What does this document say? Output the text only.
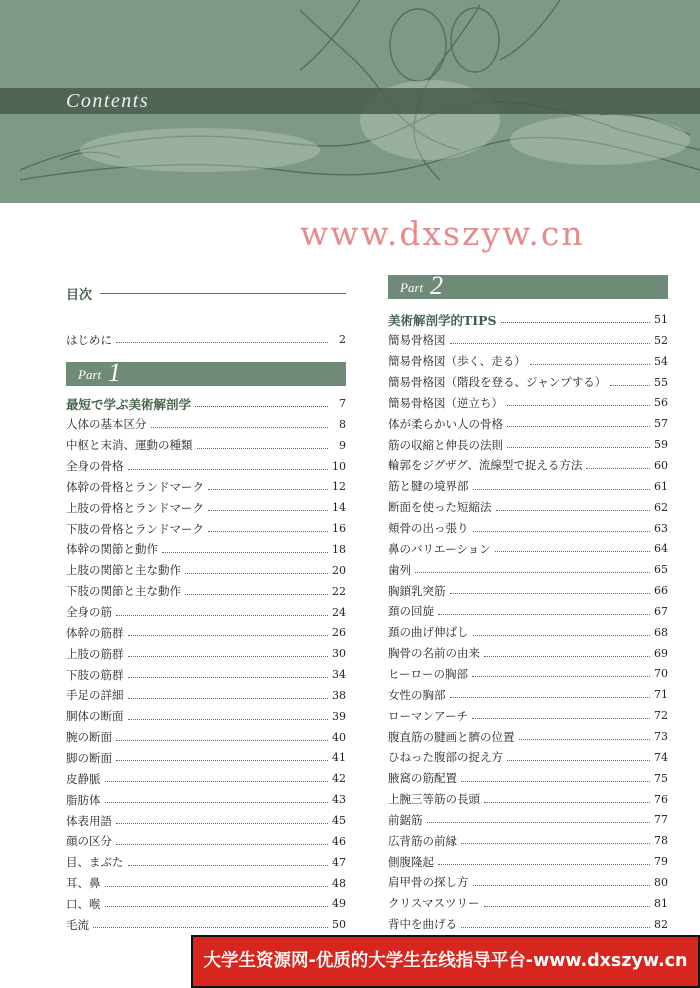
Contents
www.dxszyw.cn
目次
はじめに	2
Part 1
最短で学ぶ美術解剖学	7
人体の基本区分	8
中枢と末消、運動の種類	9
全身の骨格	10
体幹の骨格とランドマーク	12
上肢の骨格とランドマーク	14
下肢の骨格とランドマーク	16
体幹の関節と動作	18
上肢の関節と主な動作	20
下肢の関節と主な動作	22
全身の筋	24
体幹の筋群	26
上肢の筋群	30
下肢の筋群	34
手足の詳細	38
胴体の断面	39
腕の断面	40
脚の断面	41
皮静脈	42
脂肪体	43
体表用語	45
顔の区分	46
目、まぶた	47
耳、鼻	48
口、喉	49
毛流	50
Part 2
美術解剖学的TIPS	51
簡易骨格図	52
簡易骨格図（歩く、走る）	54
簡易骨格図（階段を登る、ジャンプする）	55
簡易骨格図（逆立ち）	56
体が柔らかい人の骨格	57
筋の収縮と伸長の法則	59
輪郭をジグザグ、流線型で捉える方法	60
筋と腱の境界部	61
断面を使った短縮法	62
頬骨の出っ張り	63
鼻のバリエーション	64
歯列	65
胸鎖乳突筋	66
頚の回旋	67
頚の曲げ伸ばし	68
胸骨の名前の由来	69
ヒーローの胸部	70
女性の胸部	71
ローマンアーチ	72
腹直筋の腱画と臍の位置	73
ひねった腹部の捉え方	74
腋窩の筋配置	75
上腕三等筋の長頭	76
前鋸筋	77
広背筋の前縁	78
側腹隆起	79
肩甲骨の探し方	80
クリスマスツリー	81
背中を曲げる	82
大学生资源网-优质的大学生在线指导平台-www.dxszyw.cn
